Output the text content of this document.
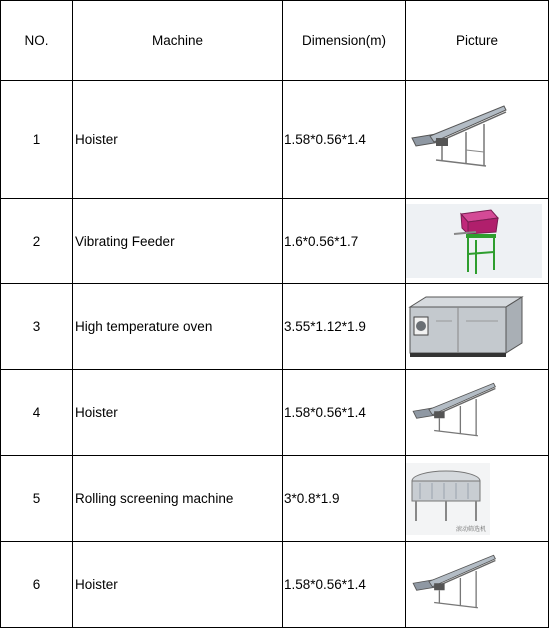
NO.	Machine	Dimension(m)	Picture
1	Hoister	1.58*0.56*1.4	

2	Vibrating Feeder	1.6*0.56*1.7	

3	High temperature oven	3.55*1.12*1.9	

4	Hoister	1.58*0.56*1.4	

5	Rolling screening machine	3*0.8*1.9	滚动筛选机

6	Hoister	1.58*0.56*1.4	
